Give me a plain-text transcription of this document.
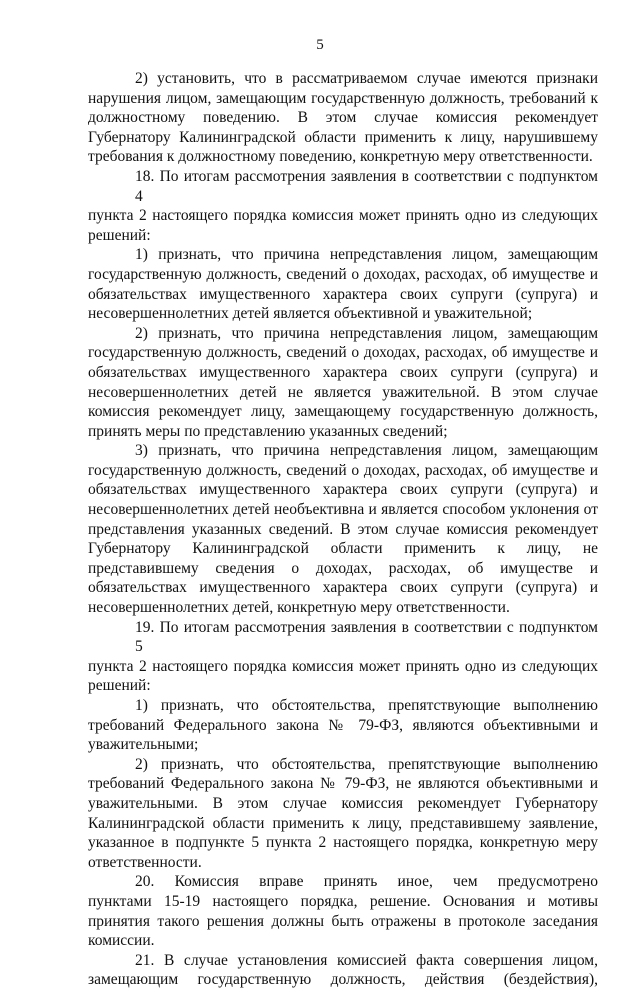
5
2) установить, что в рассматриваемом случае имеются признаки
нарушения лицом, замещающим государственную должность, требований к
должностному поведению. В этом случае комиссия рекомендует
Губернатору Калининградской области применить к лицу, нарушившему
требования к должностному поведению, конкретную меру ответственности.
18. По итогам рассмотрения заявления в соответствии с подпунктом 4
пункта 2 настоящего порядка комиссия может принять одно из следующих
решений:
1) признать, что причина непредставления лицом, замещающим
государственную должность, сведений о доходах, расходах, об имуществе и
обязательствах имущественного характера своих супруги (супруга) и
несовершеннолетних детей является объективной и уважительной;
2) признать, что причина непредставления лицом, замещающим
государственную должность, сведений о доходах, расходах, об имуществе и
обязательствах имущественного характера своих супруги (супруга) и
несовершеннолетних детей не является уважительной. В этом случае
комиссия рекомендует лицу, замещающему государственную должность,
принять меры по представлению указанных сведений;
3) признать, что причина непредставления лицом, замещающим
государственную должность, сведений о доходах, расходах, об имуществе и
обязательствах имущественного характера своих супруги (супруга) и
несовершеннолетних детей необъективна и является способом уклонения от
представления указанных сведений. В этом случае комиссия рекомендует
Губернатору Калининградской области применить к лицу, не
представившему сведения о доходах, расходах, об имуществе и
обязательствах имущественного характера своих супруги (супруга) и
несовершеннолетних детей, конкретную меру ответственности.
19. По итогам рассмотрения заявления в соответствии с подпунктом 5
пункта 2 настоящего порядка комиссия может принять одно из следующих
решений:
1) признать, что обстоятельства, препятствующие выполнению
требований Федерального закона № 79-ФЗ, являются объективными и
уважительными;
2) признать, что обстоятельства, препятствующие выполнению
требований Федерального закона № 79-ФЗ, не являются объективными и
уважительными. В этом случае комиссия рекомендует Губернатору
Калининградской области применить к лицу, представившему заявление,
указанное в подпункте 5 пункта 2 настоящего порядка, конкретную меру
ответственности.
20. Комиссия вправе принять иное, чем предусмотрено
пунктами 15-19 настоящего порядка, решение. Основания и мотивы
принятия такого решения должны быть отражены в протоколе заседания
комиссии.
21. В случае установления комиссией факта совершения лицом,
замещающим государственную должность, действия (бездействия),
